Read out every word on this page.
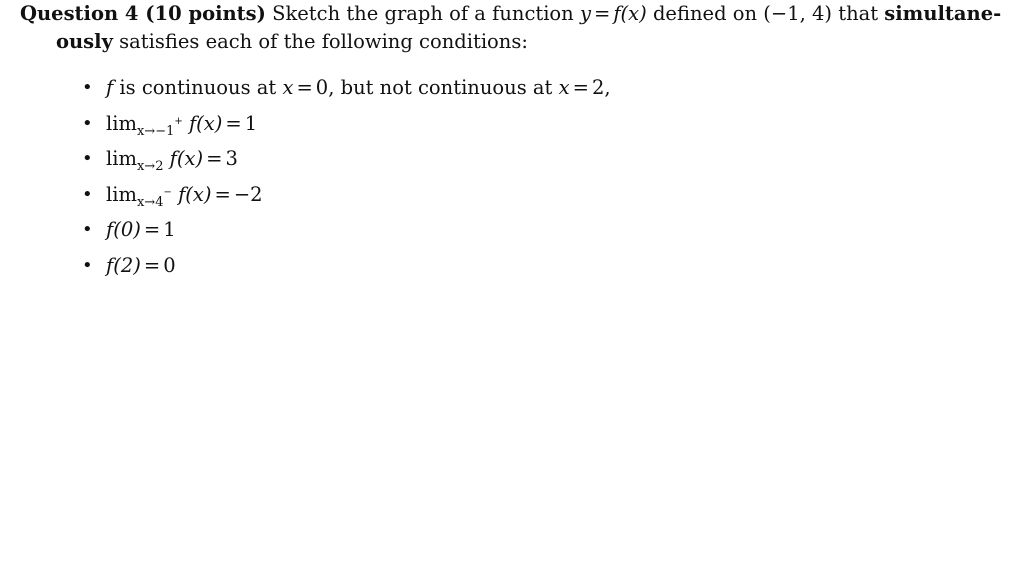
Question 4 (10 points) Sketch the graph of a function y = f(x) defined on (−1, 4) that simultane-
ously satisfies each of the following conditions:
• f is continuous at x = 0, but not continuous at x = 2,
• $\lim_{x\to-1}^+ f(x) = 1$
• $\lim_{x\to 2} f(x) = 3$
• $\lim_{x\to 4}^- f(x) = -2$
• f(0) = 1
• f(2) = 0
